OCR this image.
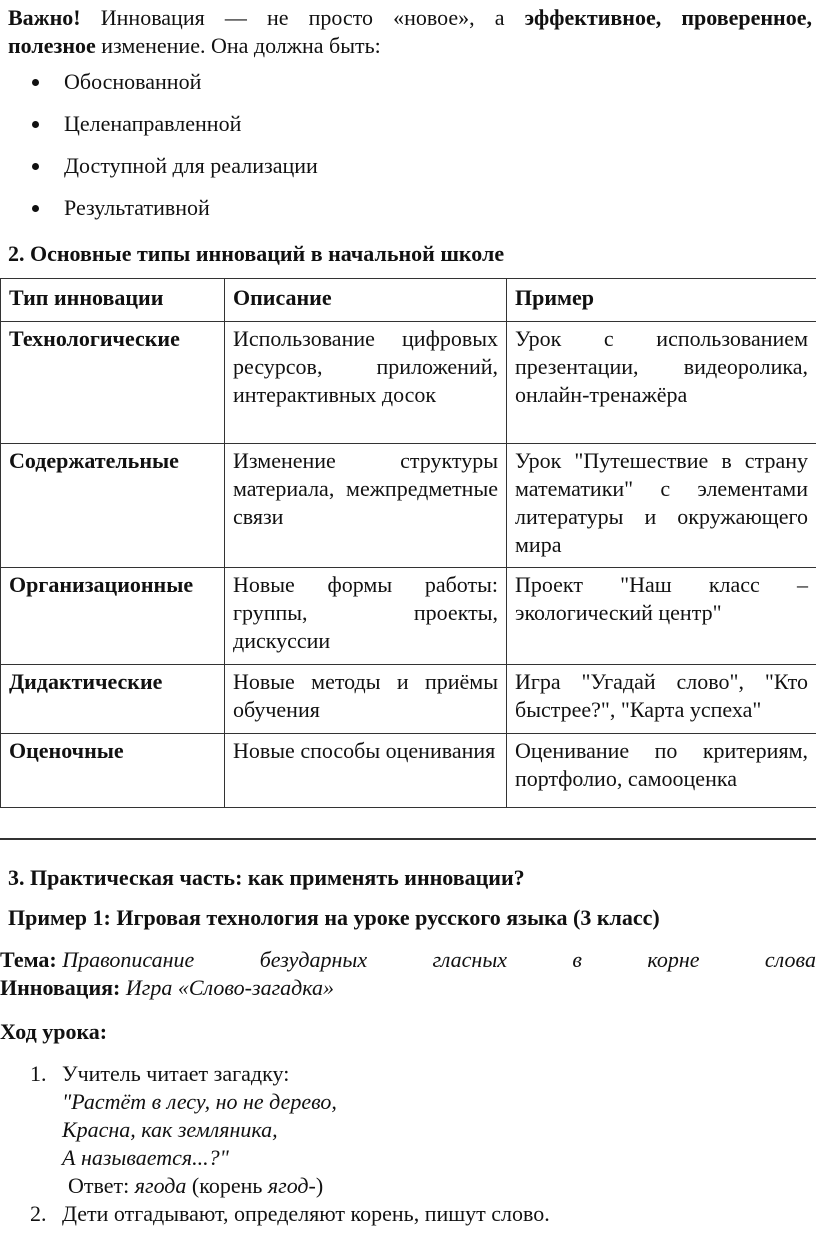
Важно! Инновация — не просто «новое», а эффективное, проверенное,

полезное изменение. Она должна быть:

Обоснованной
Целенаправленной
Доступной для реализации
Результативной
2. Основные типы инноваций в начальной школе
Тип инновации	Описание	Пример
Технологические	Использование цифровых ресурсов, приложений, интерактивных досок	Урок с использованием презентации, видеоролика, онлайн-тренажёра
Содержательные	Изменение структуры материала, межпредметные связи	Урок "Путешествие в страну математики" с элементами литературы и окружающего мира
Организационные	Новые формы работы: группы, проекты, дискуссии	Проект "Наш класс – экологический центр"
Дидактические	Новые методы и приёмы обучения	Игра "Угадай слово", "Кто быстрее?", "Карта успеха"
Оценочные	Новые способы оценивания	Оценивание по критериям, портфолио, самооценка
3. Практическая часть: как применять инновации?
Пример 1: Игровая технология на уроке русского языка (3 класс)
Тема: Правописание	безударных	гласных	в	корне	слова
Инновация: Игра «Слово-загадка»
Ход урока:
1. Учитель читает загадку:
"Растёт в лесу, но не дерево,
Красна, как земляника,
А называется...?"
Ответ: ягода (корень ягод-)
2. Дети отгадывают, определяют корень, пишут слово.
